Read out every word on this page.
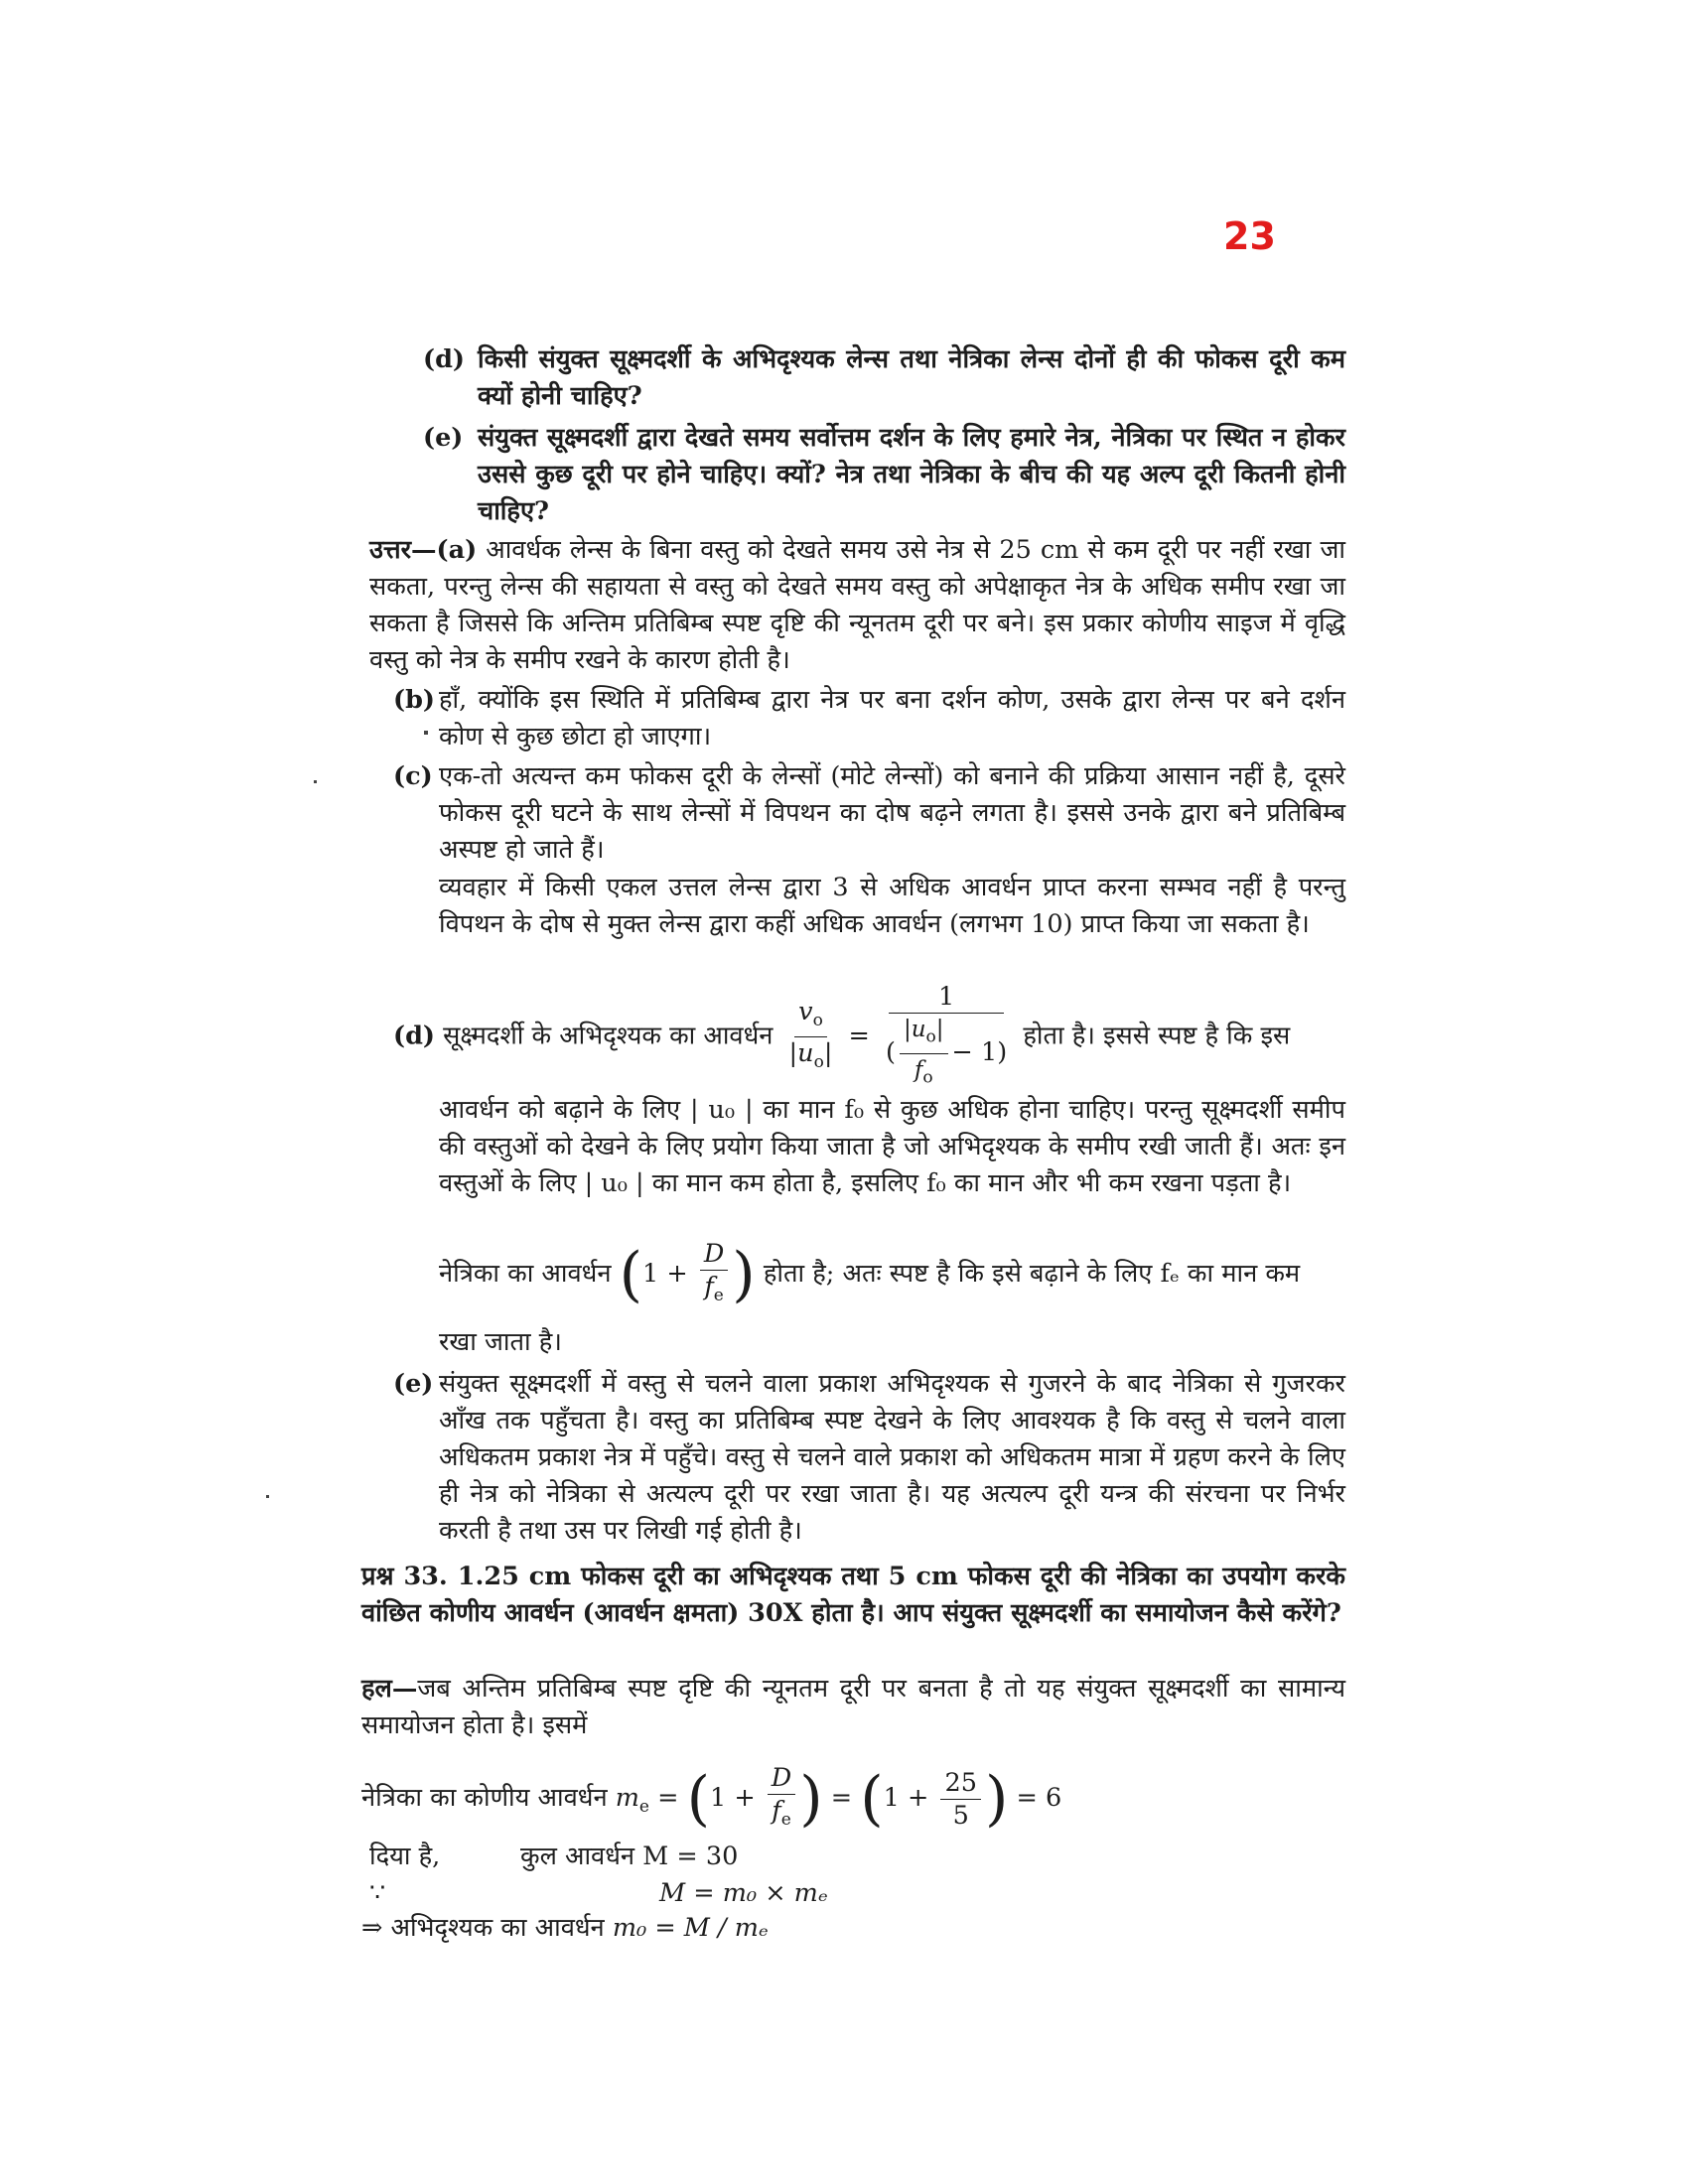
23
(d) किसी संयुक्त सूक्ष्मदर्शी के अभिदृश्यक लेन्स तथा नेत्रिका लेन्स दोनों ही की फोकस दूरी कम क्यों होनी चाहिए?
(e) संयुक्त सूक्ष्मदर्शी द्वारा देखते समय सर्वोत्तम दर्शन के लिए हमारे नेत्र, नेत्रिका पर स्थित न होकर उससे कुछ दूरी पर होने चाहिए। क्यों? नेत्र तथा नेत्रिका के बीच की यह अल्प दूरी कितनी होनी चाहिए?
उत्तर—(a) आवर्धक लेन्स के बिना वस्तु को देखते समय उसे नेत्र से 25 cm से कम दूरी पर नहीं रखा जा सकता, परन्तु लेन्स की सहायता से वस्तु को देखते समय वस्तु को अपेक्षाकृत नेत्र के अधिक समीप रखा जा सकता है जिससे कि अन्तिम प्रतिबिम्ब स्पष्ट दृष्टि की न्यूनतम दूरी पर बने। इस प्रकार कोणीय साइज में वृद्धि वस्तु को नेत्र के समीप रखने के कारण होती है।
(b) हाँ, क्योंकि इस स्थिति में प्रतिबिम्ब द्वारा नेत्र पर बना दर्शन कोण, उसके द्वारा लेन्स पर बने दर्शन कोण से कुछ छोटा हो जाएगा।
(c) एक-तो अत्यन्त कम फोकस दूरी के लेन्सों (मोटे लेन्सों) को बनाने की प्रक्रिया आसान नहीं है, दूसरे फोकस दूरी घटने के साथ लेन्सों में विपथन का दोष बढ़ने लगता है। इससे उनके द्वारा बने प्रतिबिम्ब अस्पष्ट हो जाते हैं।
व्यवहार में किसी एकल उत्तल लेन्स द्वारा 3 से अधिक आवर्धन प्राप्त करना सम्भव नहीं है परन्तु विपथन के दोष से मुक्त लेन्स द्वारा कहीं अधिक आवर्धन (लगभग 10) प्राप्त किया जा सकता है।
(d) सूक्ष्मदर्शी के अभिदृश्यक का आवर्धन $\frac{v_o}{|u_o|} = \frac{1}{( \frac{|u_o|}{f_o} - 1)}$ होता है। इससे स्पष्ट है कि इस
आवर्धन को बढ़ाने के लिए | u₀ | का मान f₀ से कुछ अधिक होना चाहिए। परन्तु सूक्ष्मदर्शी समीप की वस्तुओं को देखने के लिए प्रयोग किया जाता है जो अभिदृश्यक के समीप रखी जाती हैं। अतः इन वस्तुओं के लिए | u₀ | का मान कम होता है, इसलिए f₀ का मान और भी कम रखना पड़ता है।
नेत्रिका का आवर्धन ($1 + \frac{D}{f_e}$ ) होता है; अतः स्पष्ट है कि इसे बढ़ाने के लिए fₑ का मान कम
रखा जाता है।
(e) संयुक्त सूक्ष्मदर्शी में वस्तु से चलने वाला प्रकाश अभिदृश्यक से गुजरने के बाद नेत्रिका से गुजरकर आँख तक पहुँचता है। वस्तु का प्रतिबिम्ब स्पष्ट देखने के लिए आवश्यक है कि वस्तु से चलने वाला अधिकतम प्रकाश नेत्र में पहुँचे। वस्तु से चलने वाले प्रकाश को अधिकतम मात्रा में ग्रहण करने के लिए ही नेत्र को नेत्रिका से अत्यल्प दूरी पर रखा जाता है। यह अत्यल्प दूरी यन्त्र की संरचना पर निर्भर करती है तथा उस पर लिखी गई होती है।
प्रश्न 33. 1.25 cm फोकस दूरी का अभिदृश्यक तथा 5 cm फोकस दूरी की नेत्रिका का उपयोग करके वांछित कोणीय आवर्धन (आवर्धन क्षमता) 30X होता है। आप संयुक्त सूक्ष्मदर्शी का समायोजन कैसे करेंगे?
हल—जब अन्तिम प्रतिबिम्ब स्पष्ट दृष्टि की न्यूनतम दूरी पर बनता है तो यह संयुक्त सूक्ष्मदर्शी का सामान्य समायोजन होता है। इसमें
नेत्रिका का कोणीय आवर्धन $m_e = (1 + \frac{D}{f_e}$ ) = ($1 + \frac{25}{5}$ ) = 6
दिया है,	कुल आवर्धन M = 30
∵	M = m₀ × mₑ
⇒ अभिदृश्यक का आवर्धन m₀ = M / mₑ
